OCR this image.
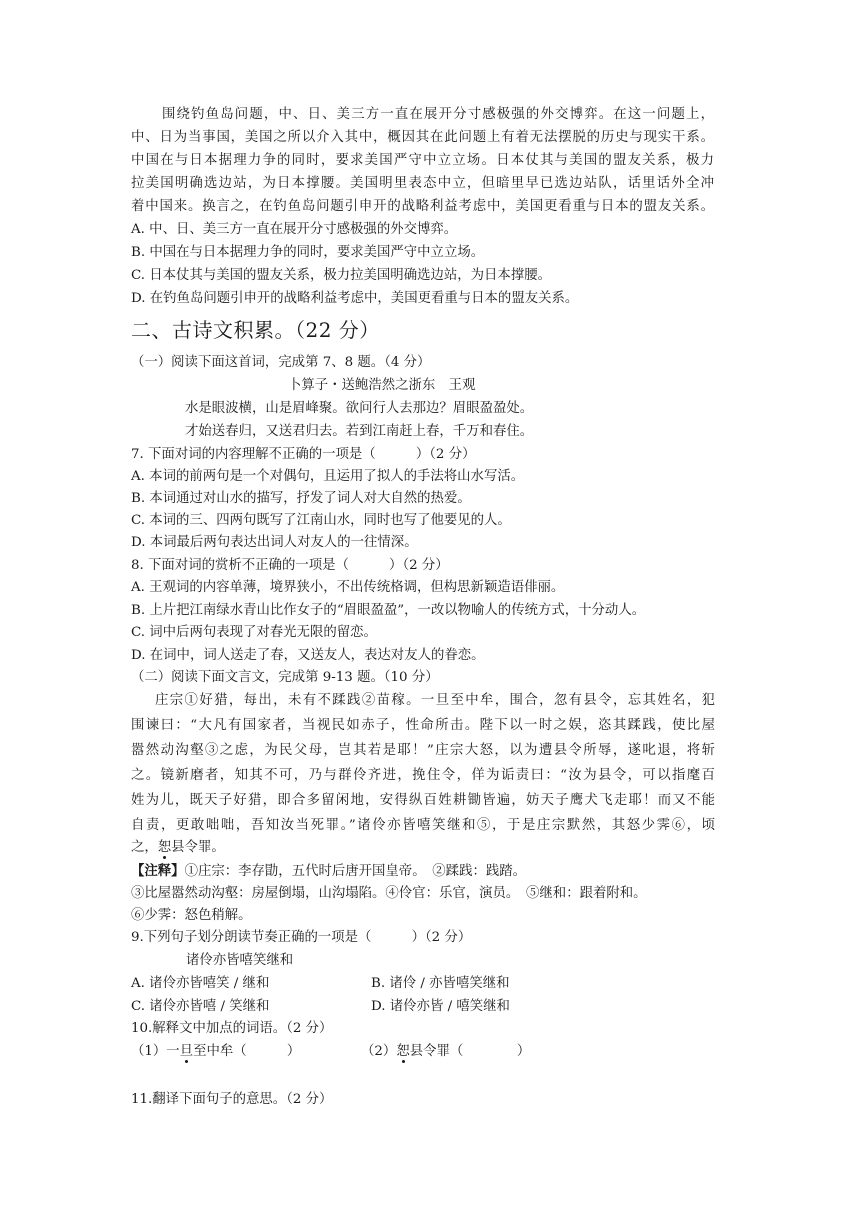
围绕钓鱼岛问题，中、日、美三方一直在展开分寸感极强的外交博弈。在这一问题上，
中、日为当事国，美国之所以介入其中，概因其在此问题上有着无法摆脱的历史与现实干系。
中国在与日本据理力争的同时，要求美国严守中立立场。日本仗其与美国的盟友关系，极力
拉美国明确选边站，为日本撑腰。美国明里表态中立，但暗里早已选边站队，话里话外全冲
着中国来。换言之，在钓鱼岛问题引申开的战略利益考虑中，美国更看重与日本的盟友关系。
A. 中、日、美三方一直在展开分寸感极强的外交博弈。
B. 中国在与日本据理力争的同时，要求美国严守中立立场。
C. 日本仗其与美国的盟友关系，极力拉美国明确选边站，为日本撑腰。
D. 在钓鱼岛问题引申开的战略利益考虑中，美国更看重与日本的盟友关系。
二、古诗文积累。（22 分）
（一）阅读下面这首词，完成第 7、8 题。（4 分）
卜算子・送鲍浩然之浙东　王观
水是眼波横，山是眉峰聚。欲问行人去那边？眉眼盈盈处。
才始送春归，又送君归去。若到江南赶上春，千万和春住。
7. 下面对词的内容理解不正确的一项是（　　　）（2 分）
A. 本词的前两句是一个对偶句，且运用了拟人的手法将山水写活。
B. 本词通过对山水的描写，抒发了词人对大自然的热爱。
C. 本词的三、四两句既写了江南山水，同时也写了他要见的人。
D. 本词最后两句表达出词人对友人的一往情深。
8. 下面对词的赏析不正确的一项是（　　　）（2 分）
A. 王观词的内容单薄，境界狭小，不出传统格调，但构思新颖造语俳丽。
B. 上片把江南绿水青山比作女子的“眉眼盈盈”，一改以物喻人的传统方式，十分动人。
C. 词中后两句表现了对春光无限的留恋。
D. 在词中，词人送走了春，又送友人，表达对友人的眷恋。
（二）阅读下面文言文，完成第 9-13 题。（10 分）
庄宗①好猎，每出，未有不蹂践②苗稼。一旦至中牟，围合，忽有县令，忘其姓名，犯
围谏曰：“大凡有国家者，当视民如赤子，性命所击。陛下以一时之娱，恣其蹂践，使比屋
嚣然动沟壑③之虑，为民父母，岂其若是耶！”庄宗大怒，以为遭县令所辱，遂叱退，将斩
之。镜新磨者，知其不可，乃与群伶齐进，挽住令，佯为诟责曰：“汝为县令，可以指麾百
姓为儿，既天子好猎，即合多留闲地，安得纵百姓耕锄皆遍，妨天子鹰犬飞走耶！而又不能
自责，更敢咄咄，吾知汝当死罪。”诸伶亦皆嘻笑继和⑤，于是庄宗默然，其怒少霁⑥，顷
之，恕县令罪。
【注释】①庄宗：李存勖，五代时后唐开国皇帝。　②蹂践：践踏。
③比屋嚣然动沟壑：房屋倒塌，山沟塌陷。④伶官：乐官，演员。　⑤继和：跟着附和。
⑥少霁：怒色稍解。
9.下列句子划分朗读节奏正确的一项是（　　　）（2 分）
诸伶亦皆嘻笑继和
A. 诸伶亦皆嘻笑 / 继和	B. 诸伶 / 亦皆嘻笑继和
C. 诸伶亦皆嘻 / 笑继和	D. 诸伶亦皆 / 嘻笑继和
10.解释文中加点的词语。（2 分）
（1）一旦至中牟（　　　）	（2）恕县令罪（　　　　）
11.翻译下面句子的意思。（2 分）
